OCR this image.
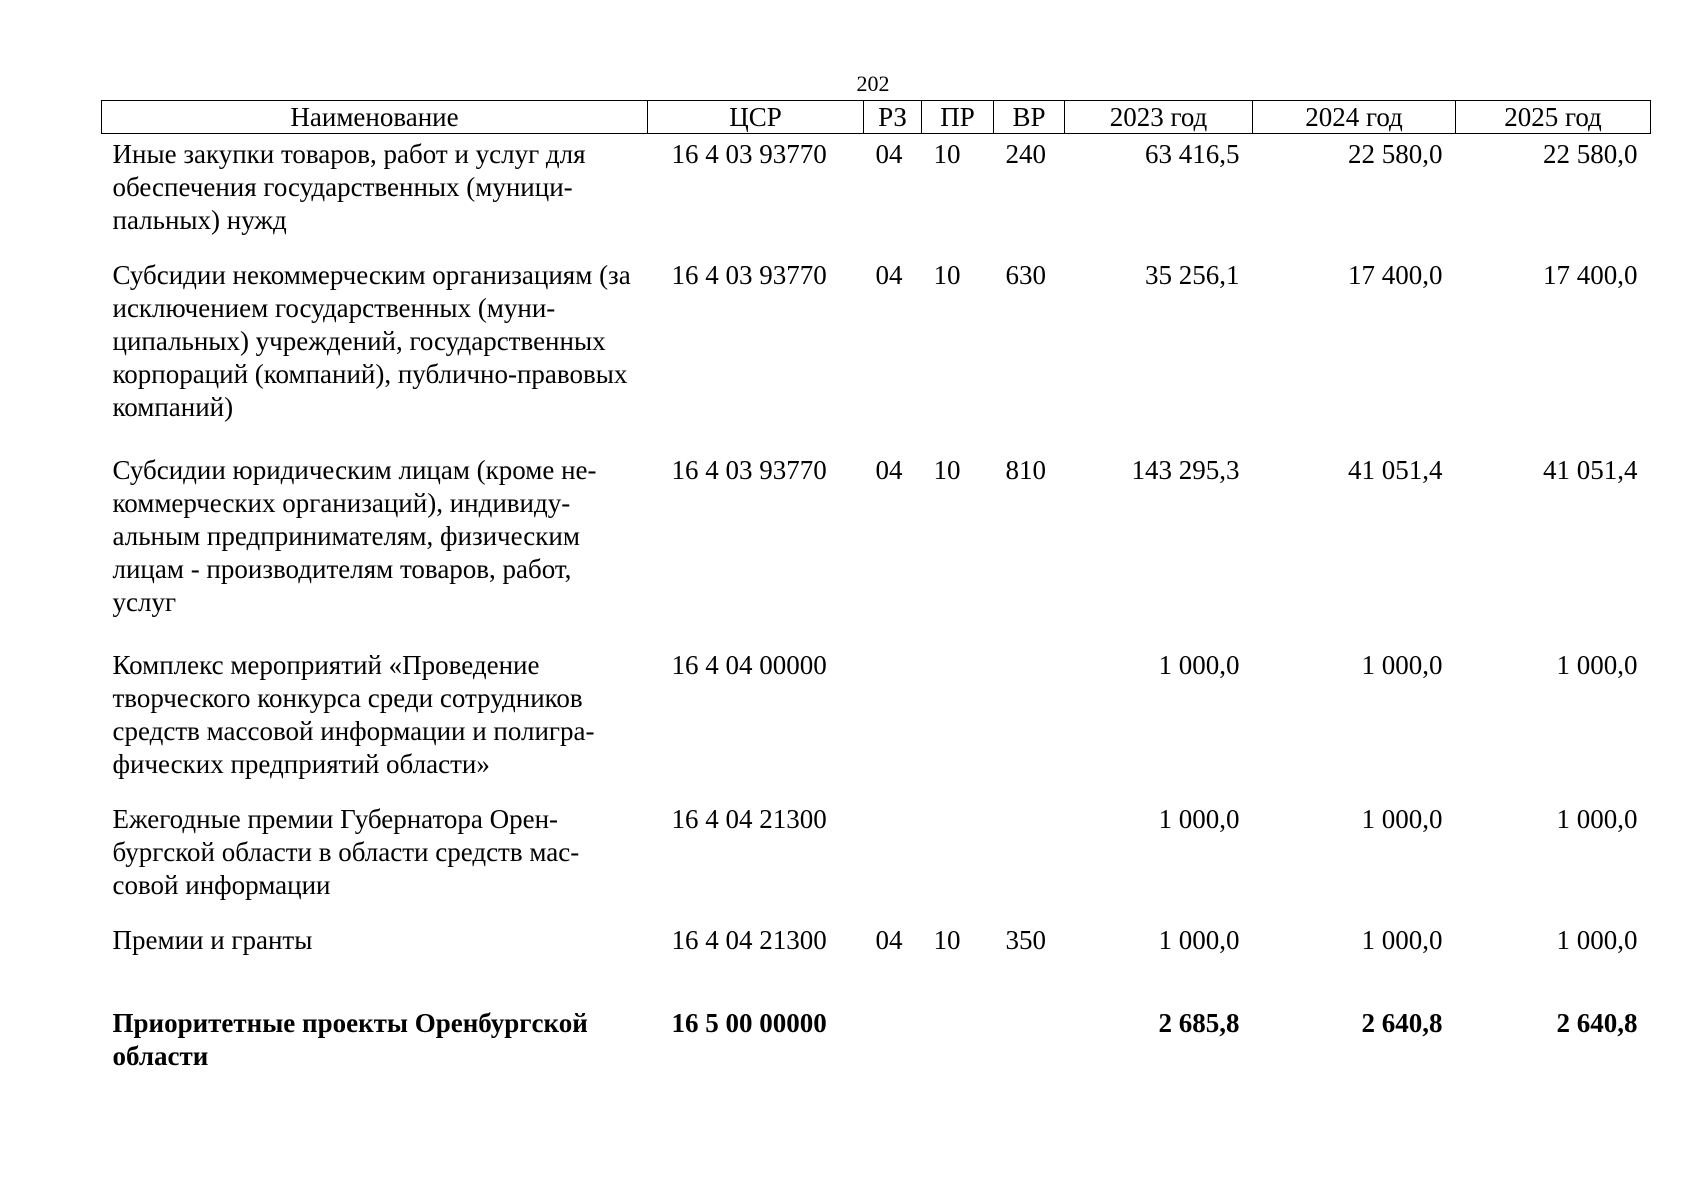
202
Наименование	ЦСР	РЗ	ПР	ВР	2023 год	2024 год	2025 год
Иные закупки товаров, работ и услуг для обеспечения государственных (муници-пальных) нужд	16 4 03 93770	04	10	240	63 416,5	22 580,0	22 580,0
Субсидии некоммерческим организациям (за исключением государственных (муни-ципальных) учреждений, государственных корпораций (компаний), публично-правовых компаний)	16 4 03 93770	04	10	630	35 256,1	17 400,0	17 400,0
Субсидии юридическим лицам (кроме не-коммерческих организаций), индивиду-альным предпринимателям, физическим лицам - производителям товаров, работ, услуг	16 4 03 93770	04	10	810	143 295,3	41 051,4	41 051,4
Комплекс мероприятий «Проведение творческого конкурса среди сотрудников средств массовой информации и полигра-фических предприятий области»	16 4 04 00000				1 000,0	1 000,0	1 000,0
Ежегодные премии Губернатора Орен-бургской области в области средств мас-совой информации	16 4 04 21300				1 000,0	1 000,0	1 000,0
Премии и гранты	16 4 04 21300	04	10	350	1 000,0	1 000,0	1 000,0
Приоритетные проекты Оренбургской области	16 5 00 00000				2 685,8	2 640,8	2 640,8
